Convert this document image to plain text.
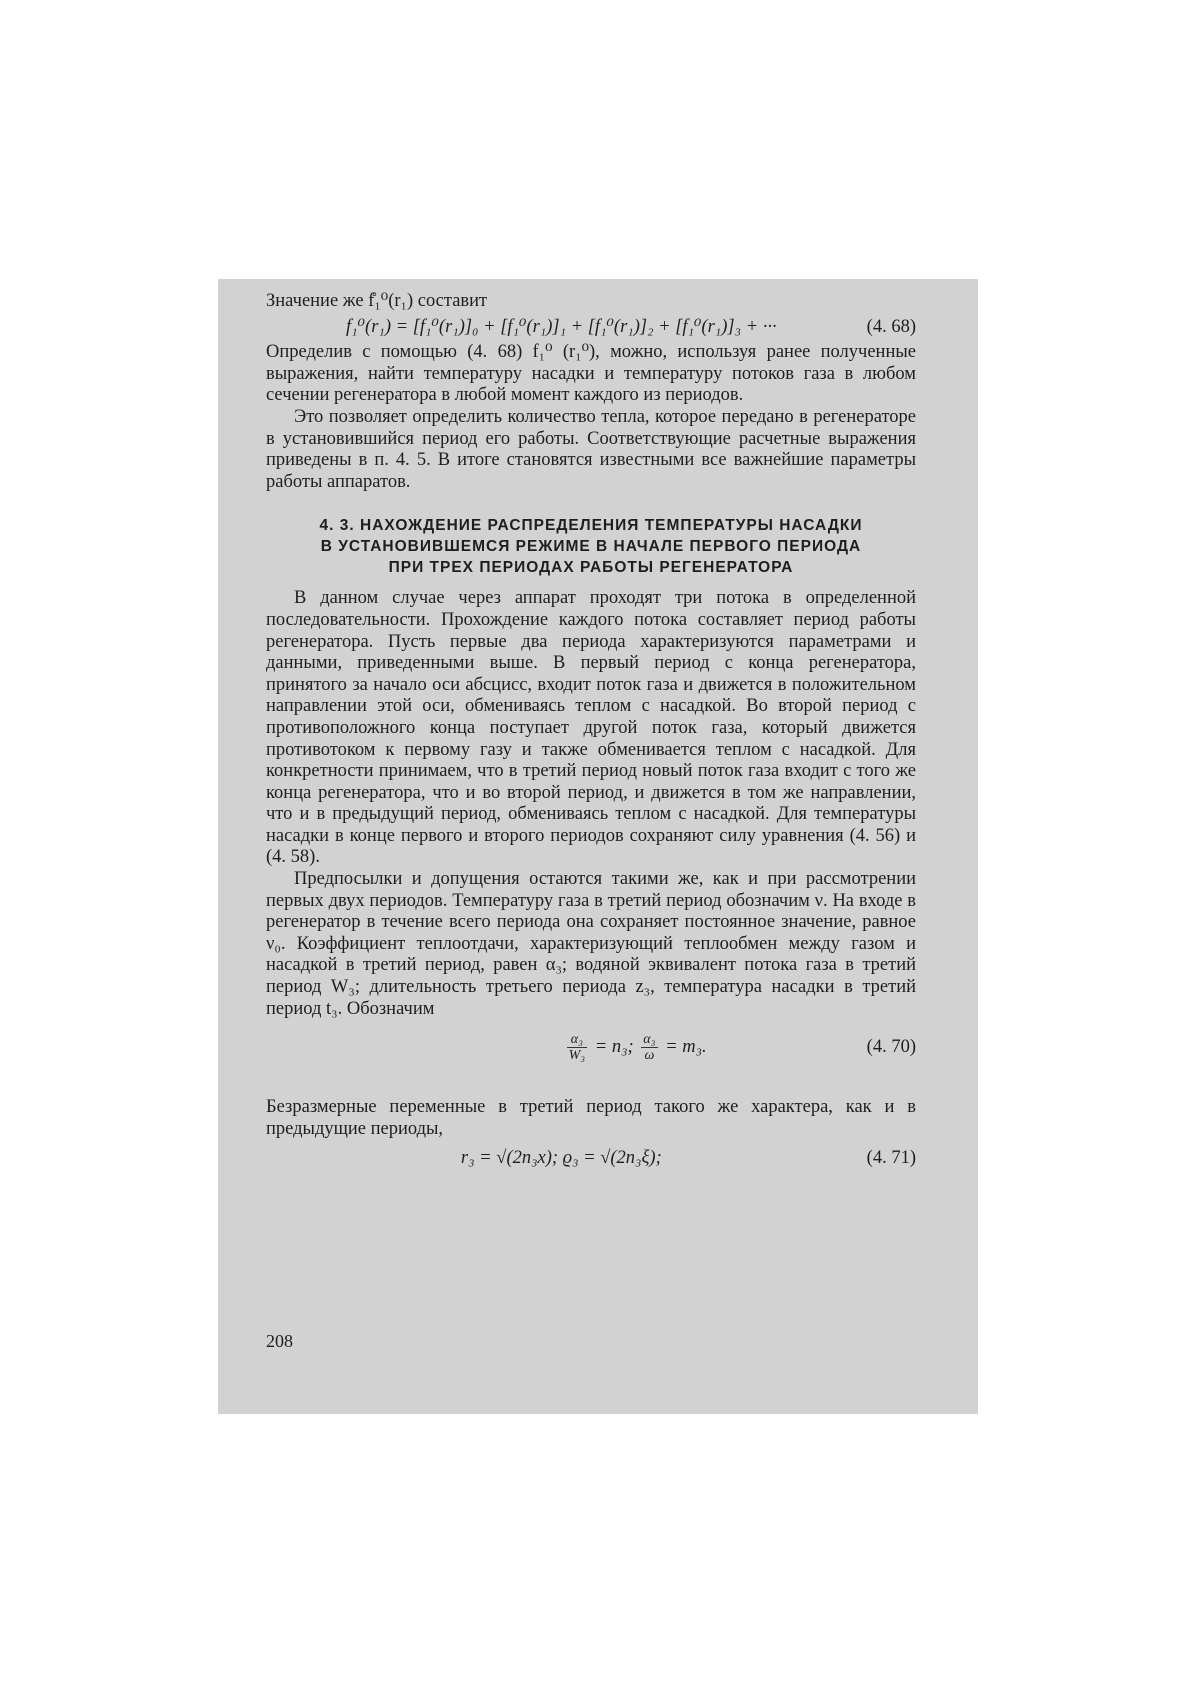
Значение же f̊₁⁰(r₁) составит

f₁⁰(r₁) = [f₁⁰(r₁)]₀ + [f₁⁰(r₁)]₁ + [f₁⁰(r₁)]₂ + [f₁⁰(r₁)]₃ + ···	(4. 68)

Определив с помощью (4. 68) f₁⁰ (r₁⁰), можно, используя ранее полученные выражения, найти температуру насадки и температуру потоков газа в любом сечении регенератора в любой момент каждого из периодов.

Это позволяет определить количество тепла, которое передано в регенераторе в установившийся период его работы. Соответствующие расчетные выражения приведены в п. 4. 5. В итоге становятся известными все важнейшие параметры работы аппаратов.

4. 3. НАХОЖДЕНИЕ РАСПРЕДЕЛЕНИЯ ТЕМПЕРАТУРЫ НАСАДКИ
В УСТАНОВИВШЕМСЯ РЕЖИМЕ В НАЧАЛЕ ПЕРВОГО ПЕРИОДА
ПРИ ТРЕХ ПЕРИОДАХ РАБОТЫ РЕГЕНЕРАТОРА

В данном случае через аппарат проходят три потока в определенной последовательности. Прохождение каждого потока составляет период работы регенератора. Пусть первые два периода характеризуются параметрами и данными, приведенными выше. В первый период с конца регенератора, принятого за начало оси абсцисс, входит поток газа и движется в положительном направлении этой оси, обмениваясь теплом с насадкой. Во второй период с противоположного конца поступает другой поток газа, который движется противотоком к первому газу и также обменивается теплом с насадкой. Для конкретности принимаем, что в третий период новый поток газа входит с того же конца регенератора, что и во второй период, и движется в том же направлении, что и в предыдущий период, обмениваясь теплом с насадкой. Для температуры насадки в конце первого и второго периодов сохраняют силу уравнения (4. 56) и (4. 58).

Предпосылки и допущения остаются такими же, как и при рассмотрении первых двух периодов. Температуру газа в третий период обозначим ν. На входе в регенератор в течение всего периода она сохраняет постоянное значение, равное ν₀. Коэффициент теплоотдачи, характеризующий теплообмен между газом и насадкой в третий период, равен α₃; водяной эквивалент потока газа в третий период W₃; длительность третьего периода z₃, температура насадки в третий период t₃. Обозначим

$\frac{\text{α₃}}{\text{W₃}} = n_3$; $\frac{\text{α₃}}{\omega} = m_3$.	(4. 70)

Безразмерные переменные в третий период такого же характера, как и в предыдущие периоды,

r₃ = √(2n₃x); ϱ₃ = √(2n₃ξ);	(4. 71)
208
